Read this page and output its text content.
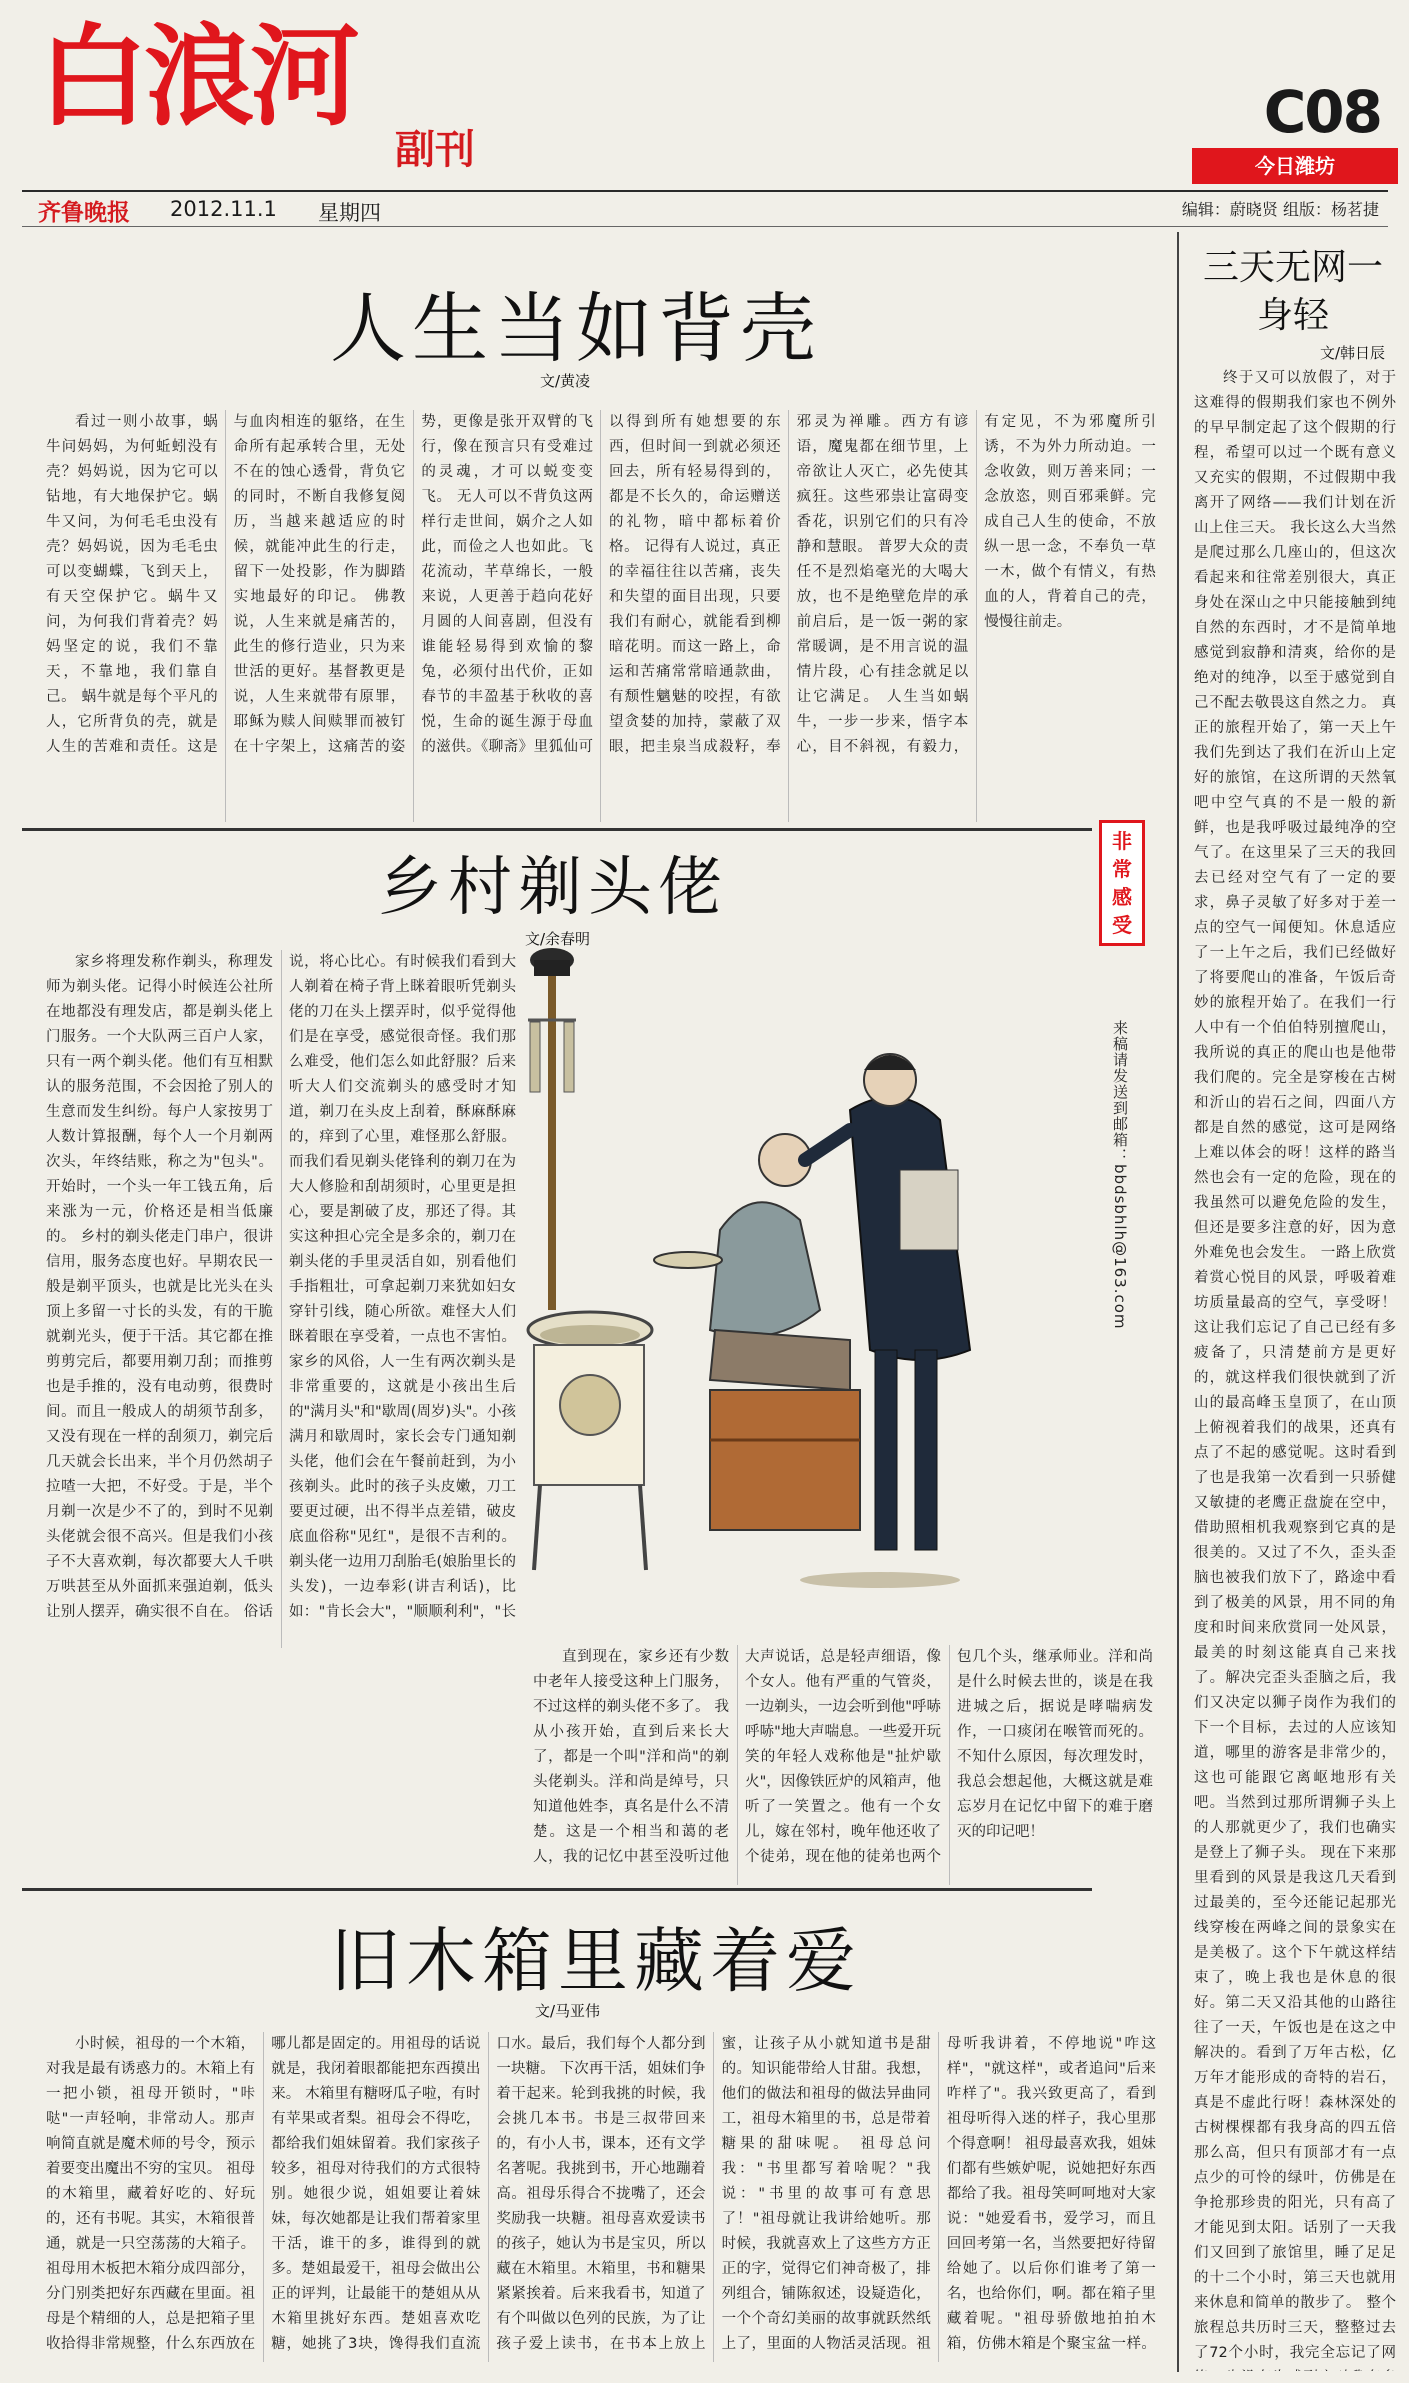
白浪河
副刊
C08
今日潍坊
齐鲁晚报 2012.11.1 星期四	编辑：蔚晓贤 组版：杨茗捷
人生当如背壳
文/黄凌
看过一则小故事，蜗牛问妈妈，为何蚯蚓没有壳？妈妈说，因为它可以钻地，有大地保护它。蜗牛又问，为何毛毛虫没有壳？妈妈说，因为毛毛虫可以变蝴蝶，飞到天上，有天空保护它。蜗牛又问，为何我们背着壳？妈妈坚定的说，我们不靠天，不靠地，我们靠自己。 蜗牛就是每个平凡的人，它所背负的壳，就是人生的苦难和责任。这是与血肉相连的躯络，在生命所有起承转合里，无处不在的蚀心透骨，背负它的同时，不断自我修复阅历，当越来越适应的时候，就能冲此生的行走，留下一处投影，作为脚踏实地最好的印记。 佛教说，人生来就是痛苦的，此生的修行造业，只为来世活的更好。基督教更是说，人生来就带有原罪，耶稣为赎人间赎罪而被钉在十字架上，这痛苦的姿势，更像是张开双臂的飞行，像在预言只有受难过的灵魂，才可以蜕变变飞。 无人可以不背负这两样行走世间，娲介之人如此，而俭之人也如此。飞花流动，芊草绵长，一般来说，人更善于趋向花好月圆的人间喜剧，但没有谁能轻易得到欢愉的黎兔，必须付出代价，正如春节的丰盈基于秋收的喜悦，生命的诞生源于母血的滋供。《聊斋》里狐仙可以得到所有她想要的东西，但时间一到就必须还回去，所有轻易得到的，都是不长久的，命运赠送的礼物，暗中都标着价格。 记得有人说过，真正的幸福往往以苦痛，丧失和失望的面目出现，只要我们有耐心，就能看到柳暗花明。而这一路上，命运和苦痛常常暗通款曲，有颓性魑魅的咬捏，有欲望贪婪的加持，蒙蔽了双眼，把圭泉当成殺籽，奉邪灵为禅雕。西方有谚语，魔鬼都在细节里，上帝欲让人灭亡，必先使其疯狂。这些邪祟让富碍变香花，识别它们的只有冷静和慧眼。 普罗大众的责任不是烈焰毫光的大喝大放，也不是绝壁危岸的承前启后，是一饭一粥的家常暖调，是不用言说的温情片段，心有挂念就足以让它满足。 人生当如蜗牛，一步一步来，悟字本心，目不斜视，有毅力，有定见，不为邪魔所引诱，不为外力所动迫。一念收敛，则万善来同；一念放恣，则百邪乘鲜。完成自己人生的使命，不放纵一思一念，不奉负一草一木，做个有情义，有热血的人，背着自己的壳，慢慢往前走。
乡村剃头佬
文/余春明
家乡将理发称作剃头，称理发师为剃头佬。记得小时候连公社所在地都没有理发店，都是剃头佬上门服务。一个大队两三百户人家，只有一两个剃头佬。他们有互相默认的服务范围，不会因抢了别人的生意而发生纠纷。每户人家按男丁人数计算报酬，每个人一个月剃两次头，年终结账，称之为"包头"。开始时，一个头一年工钱五角，后来涨为一元，价格还是相当低廉的。 乡村的剃头佬走门串户，很讲信用，服务态度也好。早期农民一般是剃平顶头，也就是比光头在头顶上多留一寸长的头发，有的干脆就剃光头，便于干活。其它都在推剪剪完后，都要用剃刀刮；而推剪也是手推的，没有电动剪，很费时间。而且一般成人的胡须节刮多，又没有现在一样的刮须刀，剃完后几天就会长出来，半个月仍然胡子拉喳一大把，不好受。于是，半个月剃一次是少不了的，到时不见剃头佬就会很不高兴。但是我们小孩子不大喜欢剃，每次都要大人千哄万哄甚至从外面抓来强迫剃，低头让别人摆弄，确实很不自在。 俗话说，将心比心。有时候我们看到大人剃着在椅子背上眯着眼听凭剃头佬的刀在头上摆弄时，似乎觉得他们是在享受，感觉很奇怪。我们那么难受，他们怎么如此舒服？后来听大人们交流剃头的感受时才知道，剃刀在头皮上刮着，酥麻酥麻的，痒到了心里，难怪那么舒服。而我们看见剃头佬锋利的剃刀在为大人修脸和刮胡须时，心里更是担心，要是割破了皮，那还了得。其实这种担心完全是多余的，剃刀在剃头佬的手里灵活自如，别看他们手指粗壮，可拿起剃刀来犹如妇女穿针引线，随心所欲。难怪大人们眯着眼在享受着，一点也不害怕。 家乡的风俗，人一生有两次剃头是非常重要的，这就是小孩出生后的"满月头"和"歇周(周岁)头"。小孩满月和歇周时，家长会专门通知剃头佬，他们会在午餐前赶到，为小孩剃头。此时的孩子头皮嫩，刀工要更过硬，出不得半点差错，破皮底血俗称"见红"，是很不吉利的。剃头佬一边用刀刮胎毛(娘胎里长的头发)，一边奉彩(讲吉利话)，比如："肯长会大"，"顺顺利利"，"长
直到现在，家乡还有少数中老年人接受这种上门服务，不过这样的剃头佬不多了。 我从小孩开始，直到后来长大了，都是一个叫"洋和尚"的剃头佬剃头。洋和尚是绰号，只知道他姓李，真名是什么不清楚。这是一个相当和蔼的老人，我的记忆中甚至没听过他大声说话，总是轻声细语，像个女人。他有严重的气管炎，一边剃头，一边会听到他"呼哧呼哧"地大声喘息。一些爱开玩笑的年轻人戏称他是"扯炉歇火"，因像铁匠炉的风箱声，他听了一笑置之。他有一个女儿，嫁在邻村，晚年他还收了个徒弟，现在他的徒弟也两个包几个头，继承师业。洋和尚是什么时候去世的，谈是在我进城之后，据说是哮喘病发作，一口痰闭在喉管而死的。不知什么原因，每次理发时，我总会想起他，大概这就是难忘岁月在记忆中留下的难于磨灭的印记吧！
旧木箱里藏着爱
文/马亚伟
小时候，祖母的一个木箱，对我是最有诱惑力的。木箱上有一把小锁，祖母开锁时，"咔哒"一声轻响，非常动人。那声响简直就是魔术师的号令，预示着要变出魔出不穷的宝贝。 祖母的木箱里，藏着好吃的、好玩的，还有书呢。其实，木箱很普通，就是一只空荡荡的大箱子。祖母用木板把木箱分成四部分，分门别类把好东西藏在里面。祖母是个精细的人，总是把箱子里收拾得非常规整，什么东西放在哪儿都是固定的。用祖母的话说就是，我闭着眼都能把东西摸出来。 木箱里有糖呀瓜子啦，有时有苹果或者梨。祖母会不得吃，都给我们姐妹留着。我们家孩子较多，祖母对待我们的方式很特别。她很少说，姐姐要让着妹妹，每次她都是让我们帮着家里干活，谁干的多，谁得到的就多。楚姐最爱干，祖母会做出公正的评判，让最能干的楚姐从从木箱里挑好东西。楚姐喜欢吃糖，她挑了3块，馋得我们直流口水。最后，我们每个人都分到一块糖。 下次再干活，姐妹们争着干起来。轮到我挑的时候，我会挑几本书。书是三叔带回来的，有小人书，课本，还有文学名著呢。我挑到书，开心地蹦着高。祖母乐得合不拢嘴了，还会奖励我一块糖。祖母喜欢爱读书的孩子，她认为书是宝贝，所以藏在木箱里。木箱里，书和糖果紧紧挨着。后来我看书，知道了有个叫做以色列的民族，为了让孩子爱上读书，在书本上放上蜜，让孩子从小就知道书是甜的。知识能带给人甘甜。我想，他们的做法和祖母的做法异曲同工，祖母木箱里的书，总是带着糖果的甜味呢。 祖母总问我："书里都写着啥呢？"我说："书里的故事可有意思了！"祖母就让我讲给她听。那时候，我就喜欢上了这些方方正正的字，觉得它们神奇极了，排列组合，铺陈叙述，设疑造化，一个个奇幻美丽的故事就跃然纸上了，里面的人物活灵活现。祖母听我讲着，不停地说"咋这样"，"就这样"，或者追问"后来咋样了"。我兴致更高了，看到祖母听得入迷的样子，我心里那个得意啊！ 祖母最喜欢我，姐妹们都有些嫉妒呢，说她把好东西都给了我。祖母笑呵呵地对大家说："她爱看书，爱学习，而且回回考第一名，当然要把好待留给她了。以后你们谁考了第一名，也给你们，啊。都在箱子里藏着呢。"祖母骄傲地拍拍木箱，仿佛木箱是个聚宝盆一样。
三天无网一身轻
文/韩日辰
终于又可以放假了，对于这难得的假期我们家也不例外的早早制定起了这个假期的行程，希望可以过一个既有意义又充实的假期，不过假期中我离开了网络——我们计划在沂山上住三天。 我长这么大当然是爬过那么几座山的，但这次看起来和往常差别很大，真正身处在深山之中只能接触到纯自然的东西时，才不是简单地感觉到寂静和清爽，给你的是绝对的纯净，以至于感觉到自己不配去敬畏这自然之力。 真正的旅程开始了，第一天上午我们先到达了我们在沂山上定好的旅馆，在这所谓的天然氧吧中空气真的不是一般的新鲜，也是我呼吸过最纯净的空气了。在这里呆了三天的我回去已经对空气有了一定的要求，鼻子灵敏了好多对于差一点的空气一闻便知。休息适应了一上午之后，我们已经做好了将要爬山的准备，午饭后奇妙的旅程开始了。在我们一行人中有一个伯伯特别擅爬山，我所说的真正的爬山也是他带我们爬的。完全是穿梭在古树和沂山的岩石之间，四面八方都是自然的感觉，这可是网络上难以体会的呀！这样的路当然也会有一定的危险，现在的我虽然可以避免危险的发生，但还是要多注意的好，因为意外难免也会发生。 一路上欣赏着赏心悦目的风景，呼吸着难坊质量最高的空气，享受呀！这让我们忘记了自己已经有多疲备了，只清楚前方是更好的，就这样我们很快就到了沂山的最高峰玉皇顶了，在山顶上俯视着我们的战果，还真有点了不起的感觉呢。这时看到了也是我第一次看到一只骄健又敏捷的老鹰正盘旋在空中，借助照相机我观察到它真的是很美的。又过了不久，歪头歪脑也被我们放下了，路途中看到了极美的风景，用不同的角度和时间来欣赏同一处风景，最美的时刻这能真自己来找了。解决完歪头歪脑之后，我们又决定以狮子岗作为我们的下一个目标，去过的人应该知道，哪里的游客是非常少的，这也可能跟它离岖地形有关吧。当然到过那所谓狮子头上的人那就更少了，我们也确实是登上了狮子头。 现在下来那里看到的风景是我这几天看到过最美的，至今还能记起那光线穿梭在两峰之间的景象实在是美极了。这个下午就这样结束了，晚上我也是休息的很好。第二天又沿其他的山路往往了一天，午饭也是在这之中解决的。看到了万年古松，亿万年才能形成的奇特的岩石，真是不虚此行呀！森林深处的古树棵棵都有我身高的四五倍那么高，但只有顶部才有一点点少的可怜的绿叶，仿佛是在争抢那珍贵的阳光，只有高了才能见到太阳。话别了一天我们又回到了旅馆里，睡了足足的十二个小时，第三天也就用来休息和简单的散步了。 整个旅程总共历时三天，整整过去了72个小时，我完全忘记了网
非常感受
来稿请发送到邮箱：bbdsbhlh@163.com
